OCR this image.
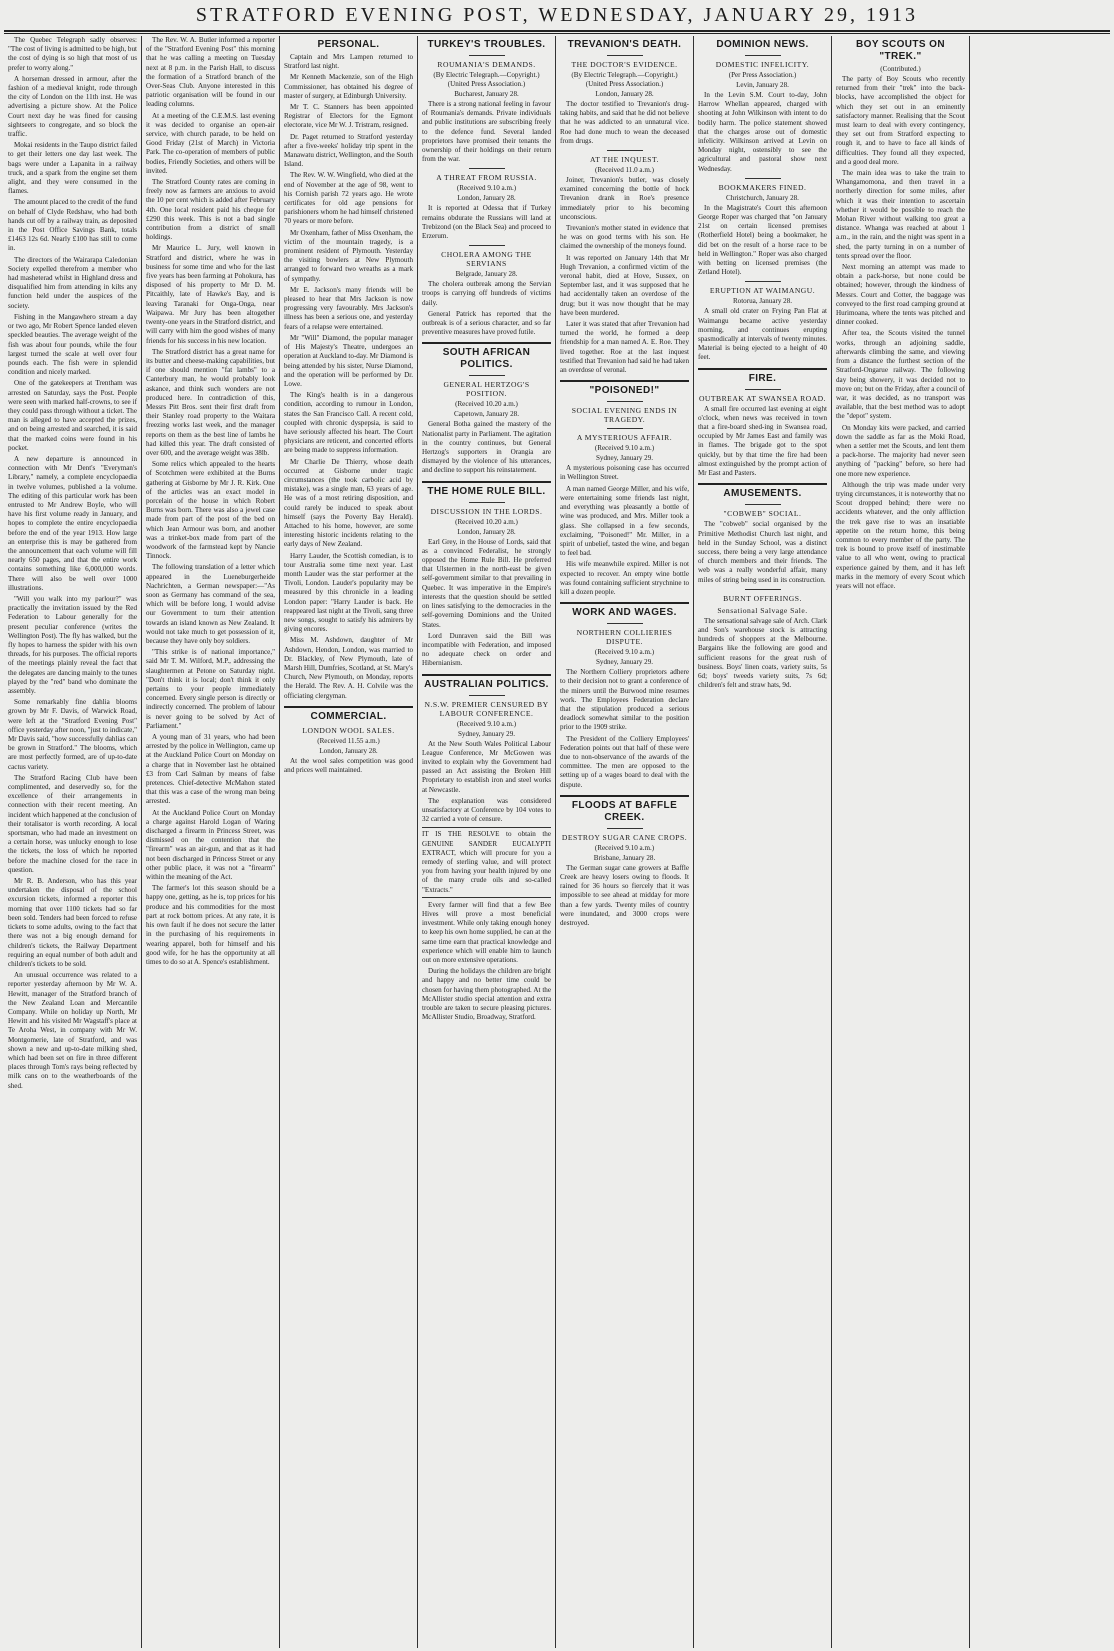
STRATFORD EVENING POST, WEDNESDAY, JANUARY 29, 1913

The Quebec Telegraph sadly observes: "The cost of living is admitted to be high, but the cost of dying is so high that most of us prefer to worry along."

A horseman dressed in armour, after the fashion of a medieval knight, rode through the city of London on the 11th inst. He was advertising a picture show. At the Police Court next day he was fined for causing sightseers to congregate, and so block the traffic.

Mokai residents in the Taupo district failed to get their letters one day last week. The bags were under a Lapanita in a railway truck, and a spark from the engine set them alight, and they were consumed in the flames.

The amount placed to the credit of the fund on behalf of Clyde Redshaw, who had both hands cut off by a railway train, as deposited in the Post Office Savings Bank, totals £1463 12s 6d. Nearly £100 has still to come in.

The directors of the Wairarapa Caledonian Society expelled therefrom a member who had masheterad whilst in Highland dress and disqualified him from attending in kilts any function held under the auspices of the society.

Fishing in the Mangawhero stream a day or two ago, Mr Robert Spence landed eleven speckled beauties. The average weight of the fish was about four pounds, while the four largest turned the scale at well over four pounds each. The fish were in splendid condition and nicely marked.

One of the gatekeepers at Trentham was arrested on Saturday, says the Post. People were seen with marked half-crowns, to see if they could pass through without a ticket. The man is alleged to have accepted the prizes, and on being arrested and searched, it is said that the marked coins were found in his pocket.

A new departure is announced in connection with Mr Dent's "Everyman's Library," namely, a complete encyclopaedia in twelve volumes, published a la volume. The editing of this particular work has been entrusted to Mr Andrew Boyle, who will have his first volume ready in January, and hopes to complete the entire encyclopaedia before the end of the year 1913. How large an enterprise this is may be gathered from the announcement that each volume will fill nearly 650 pages, and that the entire work contains something like 6,000,000 words. There will also be well over 1000 illustrations.

"Will you walk into my parlour?" was practically the invitation issued by the Red Federation to Labour generally for the present peculiar conference (writes the Wellington Post). The fly has walked, but the fly hopes to harness the spider with his own threads, for his purposes. The official reports of the meetings plainly reveal the fact that the delegates are dancing mainly to the tunes played by the "red" band who dominate the assembly.

Some remarkably fine dahlia blooms grown by Mr F. Davis, of Warwick Road, were left at the "Stratford Evening Post" office yesterday after noon, "just to indicate," Mr Davis said, "how successfully dahlias can be grown in Stratford." The blooms, which are most perfectly formed, are of up-to-date cactus variety.

The Stratford Racing Club have been complimented, and deservedly so, for the excellence of their arrangements in connection with their recent meeting. An incident which happened at the conclusion of their totalisator is worth recording. A local sportsman, who had made an investment on a certain horse, was unlucky enough to lose the tickets, the loss of which he reported before the machine closed for the race in question.

Mr R. B. Anderson, who has this year undertaken the disposal of the school excursion tickets, informed a reporter this morning that over 1100 tickets had so far been sold. Tenders had been forced to refuse tickets to some adults, owing to the fact that there was not a big enough demand for children's tickets, the Railway Department requiring an equal number of both adult and children's tickets to be sold.

An unusual occurrence was related to a reporter yesterday afternoon by Mr W. A. Hewitt, manager of the Stratford branch of the New Zealand Loan and Mercantile Company. While on holiday up North, Mr Hewitt and his visited Mr Wagstaff's place at Te Aroha West, in company with Mr W. Montgomerie, late of Stratford, and was shown a new and up-to-date milking shed, which had been set on fire in three different places through Tom's rays being reflected by milk cans on to the weatherboards of the shed.

The Rev. W. A. Butler informed a reporter of the "Stratford Evening Post" this morning that he was calling a meeting on Tuesday next at 8 p.m. in the Parish Hall, to discuss the formation of a Stratford branch of the Over-Seas Club. Anyone interested in this patriotic organisation will be found in our leading columns.

At a meeting of the C.E.M.S. last evening it was decided to organise an open-air service, with church parade, to be held on Good Friday (21st of March) in Victoria Park. The co-operation of members of public bodies, Friendly Societies, and others will be invited.

The Stratford County rates are coming in freely now as farmers are anxious to avoid the 10 per cent which is added after February 4th. One local resident paid his cheque for £290 this week. This is not a bad single contribution from a district of small holdings.

Mr Maurice L. Jury, well known in Stratford and district, where he was in business for some time and who for the last five years has been farming at Pohokura, has disposed of his property to Mr D. M. Pitcaithly, late of Hawke's Bay, and is leaving Taranaki for Onga-Onga, near Waipawa. Mr Jury has been altogether twenty-one years in the Stratford district, and will carry with him the good wishes of many friends for his success in his new location.

The Stratford district has a great name for its butter and cheese-making capabilities, but if one should mention "fat lambs" to a Canterbury man, he would probably look askance, and think such wonders are not produced here. In contradiction of this, Messrs Pitt Bros. sent their first draft from their Stanley road property to the Waitara freezing works last week, and the manager reports on them as the best line of lambs he had killed this year. The draft consisted of over 600, and the average weight was 38lb.

Some relics which appealed to the hearts of Scotchmen were exhibited at the Burns gathering at Gisborne by Mr J. R. Kirk. One of the articles was an exact model in porcelain of the house in which Robert Burns was born. There was also a jewel case made from part of the post of the bed on which Jean Armour was born, and another was a trinket-box made from part of the woodwork of the farmstead kept by Nancie Tinnock.

The following translation of a letter which appeared in the Lueneburgerheide Nachrichten, a German newspaper:—"As soon as Germany has command of the sea, which will be before long, I would advise our Government to turn their attention towards an island known as New Zealand. It would not take much to get possession of it, because they have only boy soldiers.

"This strike is of national importance," said Mr T. M. Wilford, M.P., addressing the slaughtermen at Petone on Saturday night. "Don't think it is local; don't think it only pertains to your people immediately concerned. Every single person is directly or indirectly concerned. The problem of labour is never going to be solved by Act of Parliament."

A young man of 31 years, who had been arrested by the police in Wellington, came up at the Auckland Police Court on Monday on a charge that in November last he obtained £3 from Carl Salman by means of false pretences. Chief-detective McMahon stated that this was a case of the wrong man being arrested.

At the Auckland Police Court on Monday a charge against Harold Logan of Waring discharged a firearm in Princess Street, was dismissed on the contention that the "firearm" was an air-gun, and that as it had not been discharged in Princess Street or any other public place, it was not a "firearm" within the meaning of the Act.

The farmer's lot this season should be a happy one, getting, as he is, top prices for his produce and his commodities for the most part at rock bottom prices. At any rate, it is his own fault if he does not secure the latter in the purchasing of his requirements in wearing apparel, both for himself and his good wife, for he has the opportunity at all times to do so at A. Spence's establishment.

PERSONAL.

Captain and Mrs Lampen returned to Stratford last night.

Mr Kenneth Mackenzie, son of the High Commissioner, has obtained his degree of master of surgery, at Edinburgh University.

Mr T. C. Stanners has been appointed Registrar of Electors for the Egmont electorate, vice Mr W. J. Tristram, resigned.

Dr. Paget returned to Stratford yesterday after a five-weeks' holiday trip spent in the Manawatu district, Wellington, and the South Island.

The Rev. W. W. Wingfield, who died at the end of November at the age of 98, went to his Cornish parish 72 years ago. He wrote certificates for old age pensions for parishioners whom he had himself christened 70 years or more before.

Mr Oxenham, father of Miss Oxenham, the victim of the mountain tragedy, is a prominent resident of Plymouth. Yesterday the visiting bowlers at New Plymouth arranged to forward two wreaths as a mark of sympathy.

Mr E. Jackson's many friends will be pleased to hear that Mrs Jackson is now progressing very favourably. Mrs Jackson's illness has been a serious one, and yesterday fears of a relapse were entertained.

Mr "Will" Diamond, the popular manager of His Majesty's Theatre, undergoes an operation at Auckland to-day. Mr Diamond is being attended by his sister, Nurse Diamond, and the operation will be performed by Dr. Lowe.

The King's health is in a dangerous condition, according to rumour in London, states the San Francisco Call. A recent cold, coupled with chronic dyspepsia, is said to have seriously affected his heart. The Court physicians are reticent, and concerted efforts are being made to suppress information.

Mr Charlie De Thierry, whose death occurred at Gisborne under tragic circumstances (the took carbolic acid by mistake), was a single man, 63 years of age. He was of a most retiring disposition, and could rarely be induced to speak about himself (says the Poverty Bay Herald). Attached to his home, however, are some interesting historic incidents relating to the early days of New Zealand.

Harry Lauder, the Scottish comedian, is to tour Australia some time next year. Last month Lauder was the star performer at the Tivoli, London. Lauder's popularity may be measured by this chronicle in a leading London paper: "Harry Lauder is back. He reappeared last night at the Tivoli, sang three new songs, sought to satisfy his admirers by giving encores.

Miss M. Ashdown, daughter of Mr Ashdown, Hendon, London, was married to Dr. Blackley, of New Plymouth, late of Marsh Hill, Dumfries, Scotland, at St. Mary's Church, New Plymouth, on Monday, reports the Herald. The Rev. A. H. Colvile was the officiating clergyman.

COMMERCIAL.
LONDON WOOL SALES.
(Received 11.55 a.m.)
London, January 28.

At the wool sales competition was good and prices well maintained.

TURKEY'S TROUBLES.
ROUMANIA'S DEMANDS.
(By Electric Telegraph.—Copyright.) (United Press Association.)
Bucharest, January 28.

There is a strong national feeling in favour of Roumania's demands. Private individuals and public institutions are subscribing freely to the defence fund. Several landed proprietors have promised their tenants the ownership of their holdings on their return from the war.

A THREAT FROM RUSSIA.
(Received 9.10 a.m.)
London, January 28.

It is reported at Odessa that if Turkey remains obdurate the Russians will land at Trebizond (on the Black Sea) and proceed to Erzerum.

CHOLERA AMONG THE SERVIANS
Belgrade, January 28.

The cholera outbreak among the Servian troops is carrying off hundreds of victims daily.

General Patrick has reported that the outbreak is of a serious character, and so far preventive measures have proved futile.

SOUTH AFRICAN POLITICS.
GENERAL HERTZOG'S POSITION.
(Received 10.20 a.m.)
Capetown, January 28.

General Botha gained the mastery of the Nationalist party in Parliament. The agitation in the country continues, but General Hertzog's supporters in Orangia are dismayed by the violence of his utterances, and decline to support his reinstatement.

THE HOME RULE BILL.
DISCUSSION IN THE LORDS.
(Received 10.20 a.m.)
London, January 28.

Earl Grey, in the House of Lords, said that as a convinced Federalist, he strongly opposed the Home Rule Bill. He preferred that Ulstermen in the north-east be given self-government similar to that prevailing in Quebec. It was imperative in the Empire's interests that the question should be settled on lines satisfying to the democracies in the self-governing Dominions and the United States.

Lord Dunraven said the Bill was incompatible with Federation, and imposed no adequate check on order and Hibernianism.

AUSTRALIAN POLITICS.
N.S.W. PREMIER CENSURED BY LABOUR CONFERENCE.
(Received 9.10 a.m.)
Sydney, January 29.

At the New South Wales Political Labour League Conference, Mr McGowen was invited to explain why the Government had passed an Act assisting the Broken Hill Proprietary to establish iron and steel works at Newcastle.

The explanation was considered unsatisfactory at Conference by 104 votes to 32 carried a vote of censure.

IT IS THE RESOLVE to obtain the GENUINE SANDER EUCALYPTI EXTRACT, which will procure for you a remedy of sterling value, and will protect you from having your health injured by one of the many crude oils and so-called "Extracts."

Every farmer will find that a few Bee Hives will prove a most beneficial investment. While only taking enough honey to keep his own home supplied, he can at the same time earn that practical knowledge and experience which will enable him to launch out on more extensive operations.

During the holidays the children are bright and happy and no better time could be chosen for having them photographed. At the McAllister studio special attention and extra trouble are taken to secure pleasing pictures. McAllister Studio, Broadway, Stratford.

TREVANION'S DEATH.
THE DOCTOR'S EVIDENCE.
(By Electric Telegraph.—Copyright.) (United Press Association.)
London, January 28.

The doctor testified to Trevanion's drug-taking habits, and said that he did not believe that he was addicted to an unnatural vice. Roe had done much to wean the deceased from drugs.

AT THE INQUEST.
(Received 11.0 a.m.)

Joiner, Trevanion's butler, was closely examined concerning the bottle of hock Trevanion drank in Roe's presence immediately prior to his becoming unconscious.

Trevanion's mother stated in evidence that he was on good terms with his son. He claimed the ownership of the moneys found.

It was reported on January 14th that Mr Hugh Trevanion, a confirmed victim of the veronal habit, died at Hove, Sussex, on September last, and it was supposed that he had accidentally taken an overdose of the drug; but it was now thought that he may have been murdered.

Later it was stated that after Trevanion had turned the world, he formed a deep friendship for a man named A. E. Roe. They lived together. Roe at the last inquest testified that Trevanion had said he had taken an overdose of veronal.

"POISONED!"
SOCIAL EVENING ENDS IN TRAGEDY.
A MYSTERIOUS AFFAIR.
(Received 9.10 a.m.)
Sydney, January 29.

A mysterious poisoning case has occurred in Wellington Street.

A man named George Miller, and his wife, were entertaining some friends last night, and everything was pleasantly a bottle of wine was produced, and Mrs. Miller took a glass. She collapsed in a few seconds, exclaiming, "Poisoned!" Mr. Miller, in a spirit of unbelief, tasted the wine, and began to feel bad.

His wife meanwhile expired. Miller is not expected to recover. An empty wine bottle was found containing sufficient strychnine to kill a dozen people.

WORK AND WAGES.
NORTHERN COLLIERIES DISPUTE.
(Received 9.10 a.m.)
Sydney, January 29.

The Northern Colliery proprietors adhere to their decision not to grant a conference of the miners until the Burwood mine resumes work. The Employees Federation declare that the stipulation produced a serious deadlock somewhat similar to the position prior to the 1909 strike.

The President of the Colliery Employees' Federation points out that half of these were due to non-observance of the awards of the committee. The men are opposed to the setting up of a wages board to deal with the dispute.

FLOODS AT BAFFLE CREEK.
DESTROY SUGAR CANE CROPS.
(Received 9.10 a.m.)
Brisbane, January 28.

The German sugar cane growers at Baffle Creek are heavy losers owing to floods. It rained for 36 hours so fiercely that it was impossible to see ahead at midday for more than a few yards. Twenty miles of country were inundated, and 3000 crops were destroyed.

DOMINION NEWS.
DOMESTIC INFELICITY.
(Per Press Association.)
Levin, January 28.

In the Levin S.M. Court to-day, John Harrow Whellan appeared, charged with shooting at John Wilkinson with intent to do bodily harm. The police statement showed that the charges arose out of domestic infelicity. Wilkinson arrived at Levin on Monday night, ostensibly to see the agricultural and pastoral show next Wednesday.

BOOKMAKERS FINED.
Christchurch, January 28.

In the Magistrate's Court this afternoon George Roper was charged that "on January 21st on certain licensed premises (Rotherfield Hotel) being a bookmaker, he did bet on the result of a horse race to be held in Wellington." Roper was also charged with betting on licensed premises (the Zetland Hotel).

ERUPTION AT WAIMANGU.
Rotorua, January 28.

A small old crater on Frying Pan Flat at Waimangu became active yesterday morning, and continues erupting spasmodically at intervals of twenty minutes. Material is being ejected to a height of 40 feet.

FIRE.
OUTBREAK AT SWANSEA ROAD.

A small fire occurred last evening at eight o'clock, when news was received in town that a fire-board shed-ing in Swansea road, occupied by Mr James East and family was in flames. The brigade got to the spot quickly, but by that time the fire had been almost extinguished by the prompt action of Mr East and Pasters.

AMUSEMENTS.
"COBWEB" SOCIAL.

The "cobweb" social organised by the Primitive Methodist Church last night, and held in the Sunday School, was a distinct success, there being a very large attendance of church members and their friends. The web was a really wonderful affair, many miles of string being used in its construction.

BURNT OFFERINGS.
Sensational Salvage Sale.

The sensational salvage sale of Arch. Clark and Son's warehouse stock is attracting hundreds of shoppers at the Melbourne. Bargains like the following are good and sufficient reasons for the great rush of business. Boys' linen coats, variety suits, 5s 6d; boys' tweeds variety suits, 7s 6d; children's felt and straw hats, 9d.

BOY SCOUTS ON "TREK."
(Contributed.)

The party of Boy Scouts who recently returned from their "trek" into the back-blocks, have accomplished the object for which they set out in an eminently satisfactory manner. Realising that the Scout must learn to deal with every contingency, they set out from Stratford expecting to rough it, and to have to face all kinds of difficulties. They found all they expected, and a good deal more.

The main idea was to take the train to Whangamomona, and then travel in a northerly direction for some miles, after which it was their intention to ascertain whether it would be possible to reach the Mohan River without walking too great a distance. Whanga was reached at about 1 a.m., in the rain, and the night was spent in a shed, the party turning in on a number of tents spread over the floor.

Next morning an attempt was made to obtain a pack-horse, but none could be obtained; however, through the kindness of Messrs. Court and Cotter, the baggage was conveyed to the first road camping ground at Hurimoana, where the tents was pitched and dinner cooked.

After tea, the Scouts visited the tunnel works, through an adjoining saddle, afterwards climbing the same, and viewing from a distance the furthest section of the Stratford-Ongarue railway. The following day being showery, it was decided not to move on; but on the Friday, after a council of war, it was decided, as no transport was available, that the best method was to adopt the "depot" system.

On Monday kits were packed, and carried down the saddle as far as the Moki Road, when a settler met the Scouts, and lent them a pack-horse. The majority had never seen anything of "packing" before, so here had one more new experience.

Although the trip was made under very trying circumstances, it is noteworthy that no Scout dropped behind; there were no accidents whatever, and the only affliction the trek gave rise to was an insatiable appetite on the return home, this being common to every member of the party. The trek is bound to prove itself of inestimable value to all who went, owing to practical experience gained by them, and it has left marks in the memory of every Scout which years will not efface.
